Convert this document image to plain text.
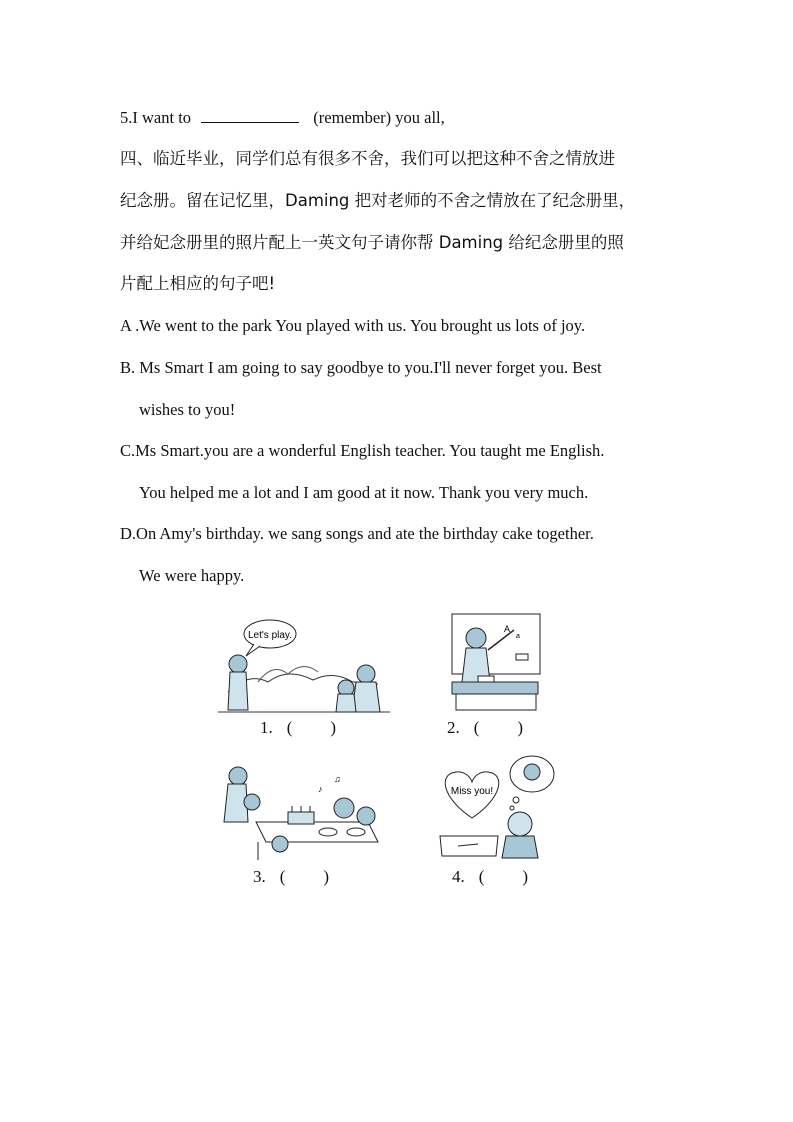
5.I want to	(remember) you all,
四、临近毕业，同学们总有很多不舍，我们可以把这种不舍之情放进
纪念册。留在记忆里，Daming 把对老师的不舍之情放在了纪念册里，
并给妃念册里的照片配上一英文句子请你帮 Daming 给纪念册里的照
片配上相应的句子吧!
A .We went to the park You played with us. You brought us lots of joy.
B. Ms Smart I am going to say goodbye to you.I'll never forget you. Best
wishes to you!
C.Ms Smart.you are a wonderful English teacher. You taught me English.
You helped me a lot and I am good at it now. Thank you very much.
D.On Amy's birthday. we sang songs and ate the birthday cake together.
We were happy.
Let's play.
1. ( )
A
a
2. ( )
♪
♫
3. ( )
Miss you!
4. ( )
